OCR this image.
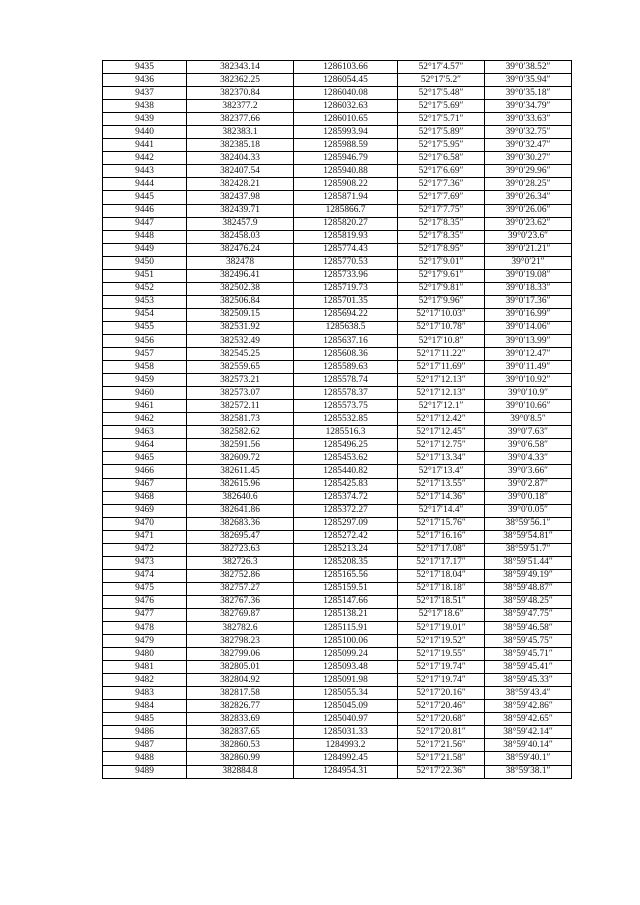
9435	382343.14	1286103.66	52°17′4.57″	39°0′38.52″
9436	382362.25	1286054.45	52°17′5.2″	39°0′35.94″
9437	382370.84	1286040.08	52°17′5.48″	39°0′35.18″
9438	382377.2	1286032.63	52°17′5.69″	39°0′34.79″
9439	382377.66	1286010.65	52°17′5.71″	39°0′33.63″
9440	382383.1	1285993.94	52°17′5.89″	39°0′32.75″
9441	382385.18	1285988.59	52°17′5.95″	39°0′32.47″
9442	382404.33	1285946.79	52°17′6.58″	39°0′30.27″
9443	382407.54	1285940.88	52°17′6.69″	39°0′29.96″
9444	382428.21	1285908.22	52°17′7.36″	39°0′28.25″
9445	382437.98	1285871.94	52°17′7.69″	39°0′26.34″
9446	382439.71	1285866.7	52°17′7.75″	39°0′26.06″
9447	382457.9	1285820.27	52°17′8.35″	39°0′23.62″
9448	382458.03	1285819.93	52°17′8.35″	39°0′23.6″
9449	382476.24	1285774.43	52°17′8.95″	39°0′21.21″
9450	382478	1285770.53	52°17′9.01″	39°0′21″
9451	382496.41	1285733.96	52°17′9.61″	39°0′19.08″
9452	382502.38	1285719.73	52°17′9.81″	39°0′18.33″
9453	382506.84	1285701.35	52°17′9.96″	39°0′17.36″
9454	382509.15	1285694.22	52°17′10.03″	39°0′16.99″
9455	382531.92	1285638.5	52°17′10.78″	39°0′14.06″
9456	382532.49	1285637.16	52°17′10.8″	39°0′13.99″
9457	382545.25	1285608.36	52°17′11.22″	39°0′12.47″
9458	382559.65	1285589.63	52°17′11.69″	39°0′11.49″
9459	382573.21	1285578.74	52°17′12.13″	39°0′10.92″
9460	382573.07	1285578.37	52°17′12.13″	39°0′10.9″
9461	382572.11	1285573.75	52°17′12.1″	39°0′10.66″
9462	382581.73	1285532.85	52°17′12.42″	39°0′8.5″
9463	382582.62	1285516.3	52°17′12.45″	39°0′7.63″
9464	382591.56	1285496.25	52°17′12.75″	39°0′6.58″
9465	382609.72	1285453.62	52°17′13.34″	39°0′4.33″
9466	382611.45	1285440.82	52°17′13.4″	39°0′3.66″
9467	382615.96	1285425.83	52°17′13.55″	39°0′2.87″
9468	382640.6	1285374.72	52°17′14.36″	39°0′0.18″
9469	382641.86	1285372.27	52°17′14.4″	39°0′0.05″
9470	382683.36	1285297.09	52°17′15.76″	38°59′56.1″
9471	382695.47	1285272.42	52°17′16.16″	38°59′54.81″
9472	382723.63	1285213.24	52°17′17.08″	38°59′51.7″
9473	382726.3	1285208.35	52°17′17.17″	38°59′51.44″
9474	382752.86	1285165.56	52°17′18.04″	38°59′49.19″
9475	382757.27	1285159.51	52°17′18.18″	38°59′48.87″
9476	382767.36	1285147.66	52°17′18.51″	38°59′48.25″
9477	382769.87	1285138.21	52°17′18.6″	38°59′47.75″
9478	382782.6	1285115.91	52°17′19.01″	38°59′46.58″
9479	382798.23	1285100.06	52°17′19.52″	38°59′45.75″
9480	382799.06	1285099.24	52°17′19.55″	38°59′45.71″
9481	382805.01	1285093.48	52°17′19.74″	38°59′45.41″
9482	382804.92	1285091.98	52°17′19.74″	38°59′45.33″
9483	382817.58	1285055.34	52°17′20.16″	38°59′43.4″
9484	382826.77	1285045.09	52°17′20.46″	38°59′42.86″
9485	382833.69	1285040.97	52°17′20.68″	38°59′42.65″
9486	382837.65	1285031.33	52°17′20.81″	38°59′42.14″
9487	382860.53	1284993.2	52°17′21.56″	38°59′40.14″
9488	382860.99	1284992.45	52°17′21.58″	38°59′40.1″
9489	382884.8	1284954.31	52°17′22.36″	38°59′38.1″
